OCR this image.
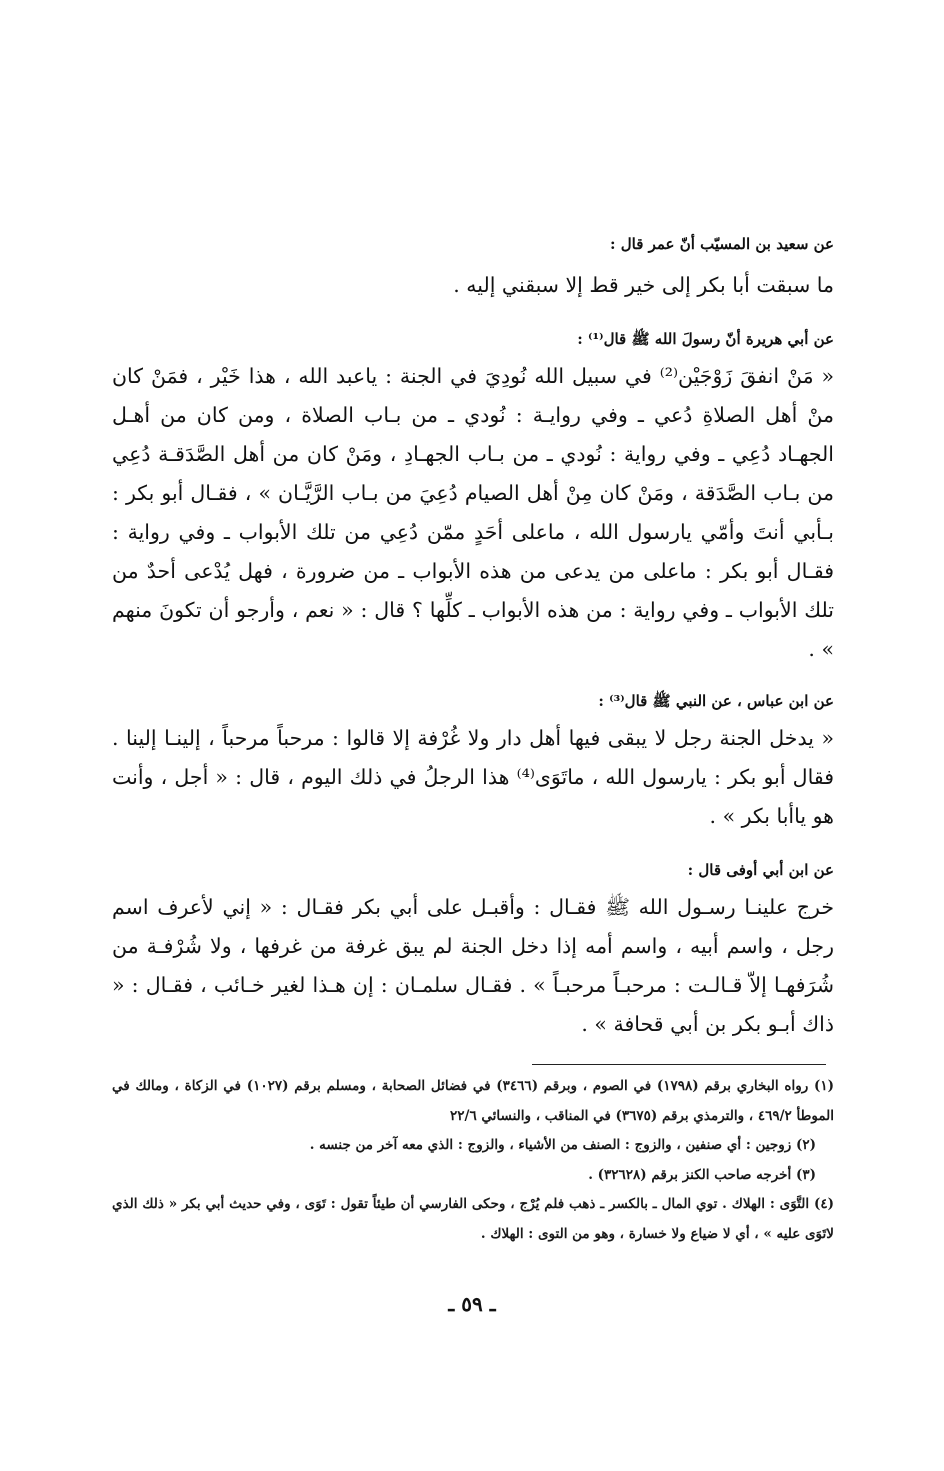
عن سعيد بن المسيّب أنّ عمر قال :

ما سبقت أبا بكر إلى خير قط إلا سبقني إليه .

عن أبي هريرة أنّ رسولَ الله ﷺ قال⁽¹⁾ :

« مَنْ انفقَ زَوْجَيْن⁽²⁾ في سبيل الله نُودِيَ في الجنة : ياعبد الله ، هذا خَيْر ، فمَنْ كان منْ أهل الصلاةِ دُعي ـ وفي روايـة : نُودي ـ من بـاب الصلاة ، ومن كان من أهـل الجهـاد دُعِي ـ وفي رواية : نُودي ـ من بـاب الجهـادِ ، ومَنْ كان من أهل الصَّدَقـة دُعِي من بـاب الصَّدَقة ، ومَنْ كان مِنْ أهل الصيام دُعِيَ من بـاب الرَّيَّـان » ، فقـال أبو بكر : بـأبي أنتَ وأمّي يارسول الله ، ماعلى أحَدٍ ممّن دُعِي من تلك الأبواب ـ وفي رواية : فقـال أبو بكر : ماعلى من يدعى من هذه الأبواب ـ من ضرورة ، فهل يُدْعى أحدٌ من تلك الأبواب ـ وفي رواية : من هذه الأبواب ـ كلِّها ؟ قال : « نعم ، وأرجو أن تكونَ منهم » .

عن ابن عباس ، عن النبي ﷺ قال⁽³⁾ :

« يدخل الجنة رجل لا يبقى فيها أهل دار ولا غُرْفة إلا قالوا : مرحباً مرحباً ، إلينـا إلينا . فقال أبو بكر : يارسول الله ، ماتَوَى⁽⁴⁾ هذا الرجلُ في ذلك اليوم ، قال : « أجل ، وأنت هو ياأبا بكر » .

عن ابن أبي أوفى قال :

خرج علينـا رسـول الله ﷺ فقـال : وأقبـل على أبي بكر فقـال : « إني لأعرف اسم رجل ، واسم أبيه ، واسم أمه إذا دخل الجنة لم يبق غرفة من غرفها ، ولا شُرْفـة من شُرَفهـا إلاّ قـالـت : مرحبـاً مرحبـاً » . فقـال سلمـان : إن هـذا لغير خـائب ، فقـال : « ذاك أبـو بكر بن أبي قحافة » .

(١) رواه البخاري برقم (١٧٩٨) في الصوم ، وبرقم (٣٤٦٦) في فضائل الصحابة ، ومسلم برقم (١٠٢٧) في الزكاة ، ومالك في الموطأ ٤٦٩/٢ ، والترمذي برقم (٣٦٧٥) في المناقب ، والنسائي ٢٢/٦

(٢) زوجين : أي صنفين ، والزوج : الصنف من الأشياء ، والزوج : الذي معه آخر من جنسه .

(٣) أخرجه صاحب الكنز برقم (٣٢٦٢٨) .

(٤) التَّوَى : الهلاك . توي المال ـ بالكسر ـ ذهب فلم يُرْج ، وحكى الفارسي أن طيئاً تقول : تَوَى ، وفي حديث أبي بكر « ذلك الذي لاتَوَى عليه » ، أي لا ضياع ولا خسارة ، وهو من التوى : الهلاك .

ـ ٥٩ ـ
